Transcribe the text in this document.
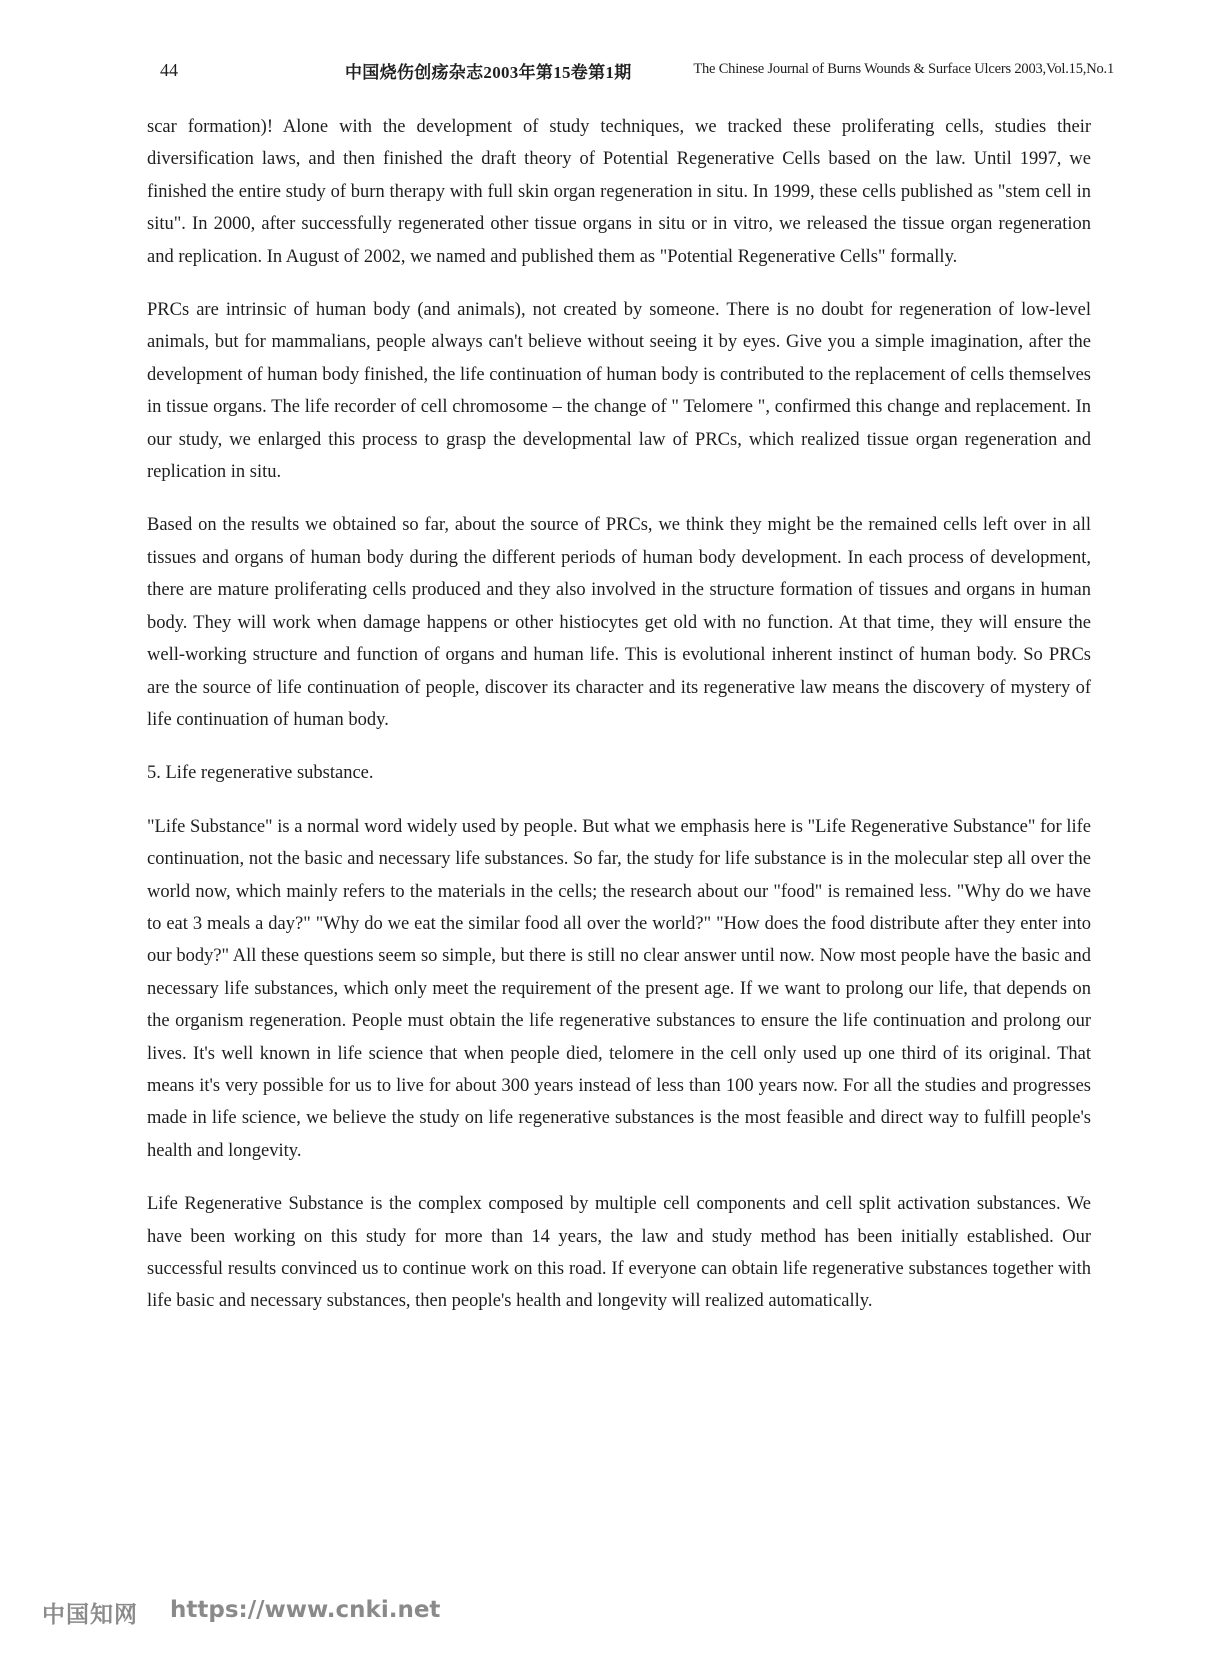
44	中国烧伤创疡杂志2003年第15卷第1期	The Chinese Journal of Burns Wounds & Surface Ulcers 2003,Vol.15,No.1

scar formation)! Alone with the development of study techniques, we tracked these proliferating cells, studies their diversification laws, and then finished the draft theory of Potential Regenerative Cells based on the law. Until 1997, we finished the entire study of burn therapy with full skin organ regeneration in situ. In 1999, these cells published as "stem cell in situ". In 2000, after successfully regenerated other tissue organs in situ or in vitro, we released the tissue organ regeneration and replication. In August of 2002, we named and published them as "Potential Regenerative Cells" formally.

PRCs are intrinsic of human body (and animals), not created by someone. There is no doubt for regeneration of low-level animals, but for mammalians, people always can't believe without seeing it by eyes. Give you a simple imagination, after the development of human body finished, the life continuation of human body is contributed to the replacement of cells themselves in tissue organs. The life recorder of cell chromosome – the change of " Telomere ", confirmed this change and replacement. In our study, we enlarged this process to grasp the developmental law of PRCs, which realized tissue organ regeneration and replication in situ.

Based on the results we obtained so far, about the source of PRCs, we think they might be the remained cells left over in all tissues and organs of human body during the different periods of human body development. In each process of development, there are mature proliferating cells produced and they also involved in the structure formation of tissues and organs in human body. They will work when damage happens or other histiocytes get old with no function. At that time, they will ensure the well-working structure and function of organs and human life. This is evolutional inherent instinct of human body. So PRCs are the source of life continuation of people, discover its character and its regenerative law means the discovery of mystery of life continuation of human body.

5. Life regenerative substance.

"Life Substance" is a normal word widely used by people. But what we emphasis here is "Life Regenerative Substance" for life continuation, not the basic and necessary life substances. So far, the study for life substance is in the molecular step all over the world now, which mainly refers to the materials in the cells; the research about our "food" is remained less. "Why do we have to eat 3 meals a day?" "Why do we eat the similar food all over the world?" "How does the food distribute after they enter into our body?" All these questions seem so simple, but there is still no clear answer until now. Now most people have the basic and necessary life substances, which only meet the requirement of the present age. If we want to prolong our life, that depends on the organism regeneration. People must obtain the life regenerative substances to ensure the life continuation and prolong our lives. It's well known in life science that when people died, telomere in the cell only used up one third of its original. That means it's very possible for us to live for about 300 years instead of less than 100 years now. For all the studies and progresses made in life science, we believe the study on life regenerative substances is the most feasible and direct way to fulfill people's health and longevity.

Life Regenerative Substance is the complex composed by multiple cell components and cell split activation substances. We have been working on this study for more than 14 years, the law and study method has been initially established. Our successful results convinced us to continue work on this road. If everyone can obtain life regenerative substances together with life basic and necessary substances, then people's health and longevity will realized automatically.

中国知网 https://www.cnki.net
